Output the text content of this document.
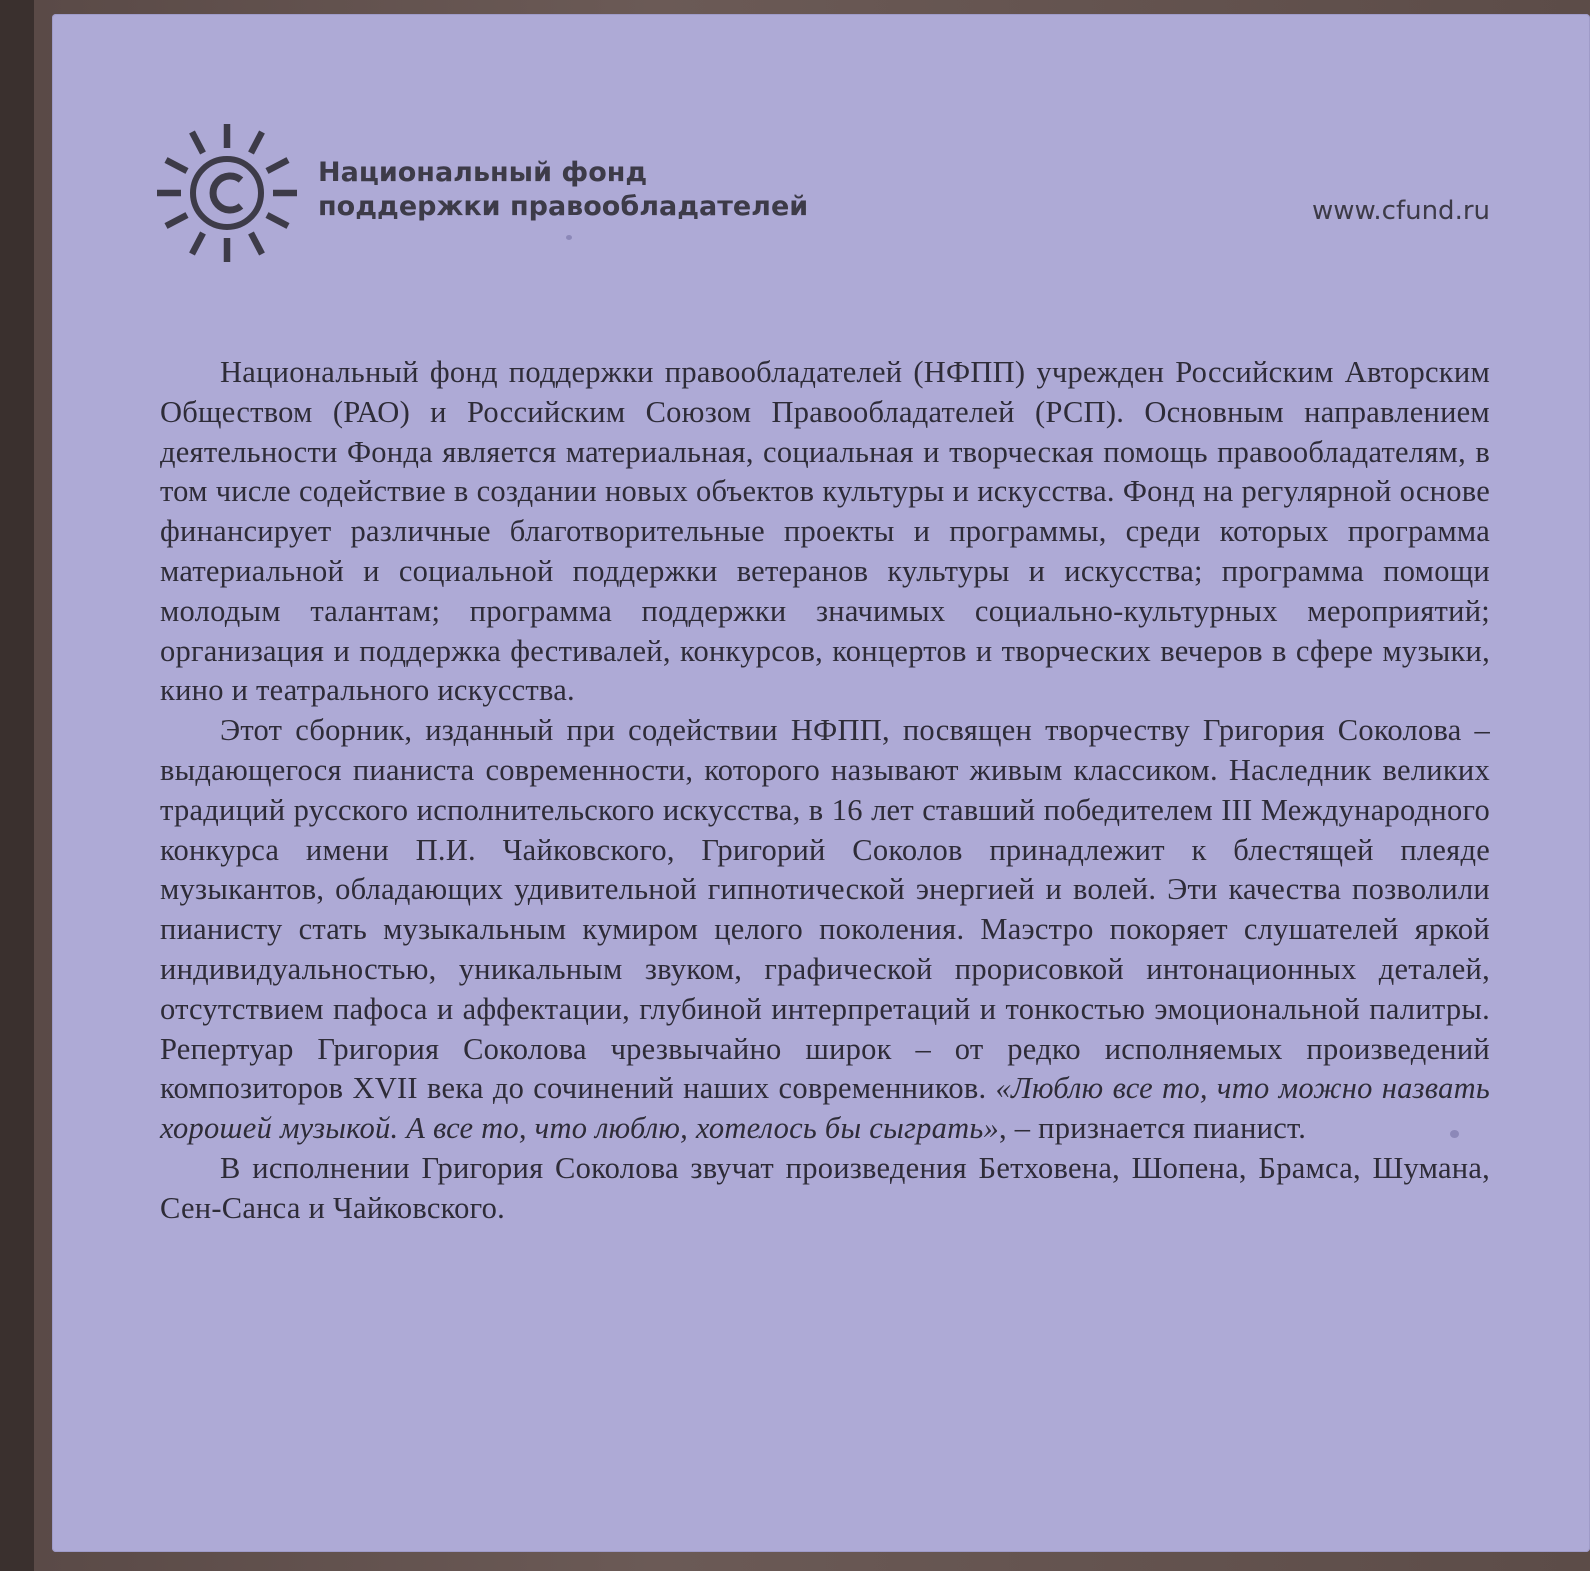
Национальный фонд
поддержки правообладателей	www.cfund.ru

Национальный фонд поддержки правообладателей (НФПП) учрежден Российским Авторским Обществом (РАО) и Российским Союзом Правообладателей (РСП). Основным направлением деятельности Фонда является материальная, социальная и творческая помощь правообладателям, в том числе содействие в создании новых объектов культуры и искусства. Фонд на регулярной основе финансирует различные благотворительные проекты и программы, среди которых программа материальной и социальной поддержки ветеранов культуры и искусства; программа помощи молодым талантам; программа поддержки значимых социально-культурных мероприятий; организация и поддержка фестивалей, конкурсов, концертов и творческих вечеров в сфере музыки, кино и театрального искусства.

Этот сборник, изданный при содействии НФПП, посвящен творчеству Григория Соколова – выдающегося пианиста современности, которого называют живым классиком. Наследник великих традиций русского исполнительского искусства, в 16 лет ставший победителем III Международного конкурса имени П.И. Чайковского, Григорий Соколов принадлежит к блестящей плеяде музыкантов, обладающих удивительной гипнотической энергией и волей. Эти качества позволили пианисту стать музыкальным кумиром целого поколения. Маэстро покоряет слушателей яркой индивидуальностью, уникальным звуком, графической прорисовкой интонационных деталей, отсутствием пафоса и аффектации, глубиной интерпретаций и тонкостью эмоциональной палитры. Репертуар Григория Соколова чрезвычайно широк – от редко исполняемых произведений композиторов XVII века до сочинений наших современников. «Люблю все то, что можно назвать хорошей музыкой. А все то, что люблю, хотелось бы сыграть», – признается пианист.

В исполнении Григория Соколова звучат произведения Бетховена, Шопена, Брамса, Шумана, Сен-Санса и Чайковского.
